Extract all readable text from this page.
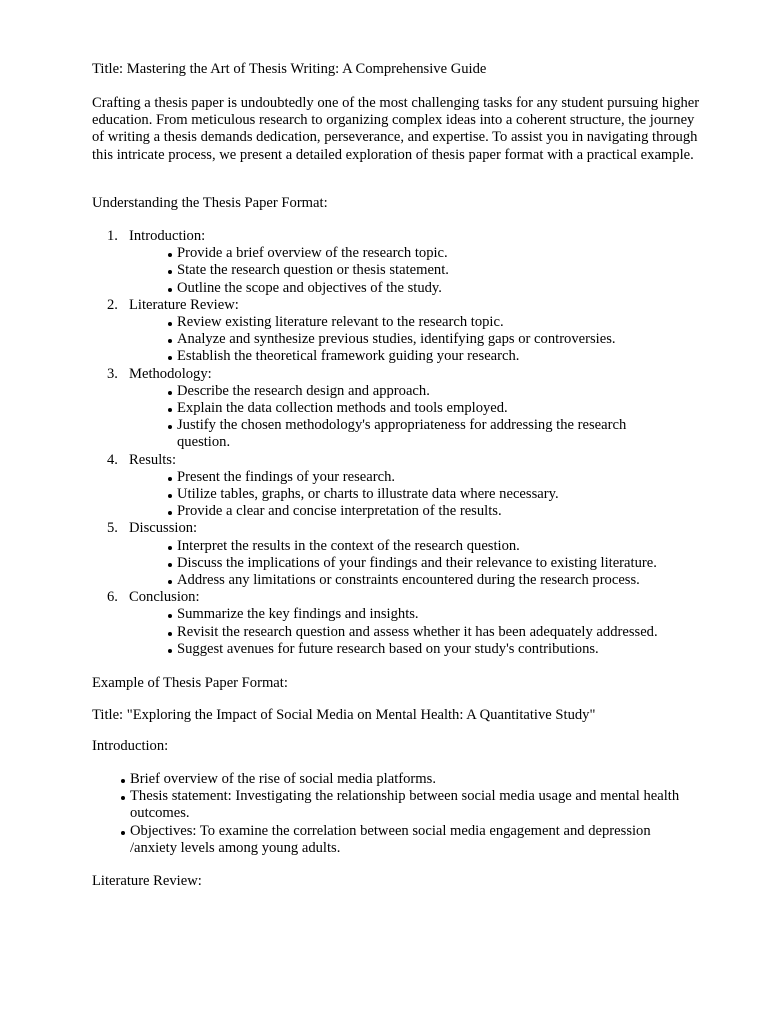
Title: Mastering the Art of Thesis Writing: A Comprehensive Guide

Crafting a thesis paper is undoubtedly one of the most challenging tasks for any student pursuing higher education. From meticulous research to organizing complex ideas into a coherent structure, the journey of writing a thesis demands dedication, perseverance, and expertise. To assist you in navigating through this intricate process, we present a detailed exploration of thesis paper format with a practical example.

Understanding the Thesis Paper Format:

1. Introduction:
Provide a brief overview of the research topic.
State the research question or thesis statement.
Outline the scope and objectives of the study.
2. Literature Review:
Review existing literature relevant to the research topic.
Analyze and synthesize previous studies, identifying gaps or controversies.
Establish the theoretical framework guiding your research.
3. Methodology:
Describe the research design and approach.
Explain the data collection methods and tools employed.
Justify the chosen methodology's appropriateness for addressing the research question.
4. Results:
Present the findings of your research.
Utilize tables, graphs, or charts to illustrate data where necessary.
Provide a clear and concise interpretation of the results.
5. Discussion:
Interpret the results in the context of the research question.
Discuss the implications of your findings and their relevance to existing literature.
Address any limitations or constraints encountered during the research process.
6. Conclusion:
Summarize the key findings and insights.
Revisit the research question and assess whether it has been adequately addressed.
Suggest avenues for future research based on your study's contributions.

Example of Thesis Paper Format:

Title: "Exploring the Impact of Social Media on Mental Health: A Quantitative Study"

Introduction:

Brief overview of the rise of social media platforms.
Thesis statement: Investigating the relationship between social media usage and mental health outcomes.
Objectives: To examine the correlation between social media engagement and depression /anxiety levels among young adults.

Literature Review:
